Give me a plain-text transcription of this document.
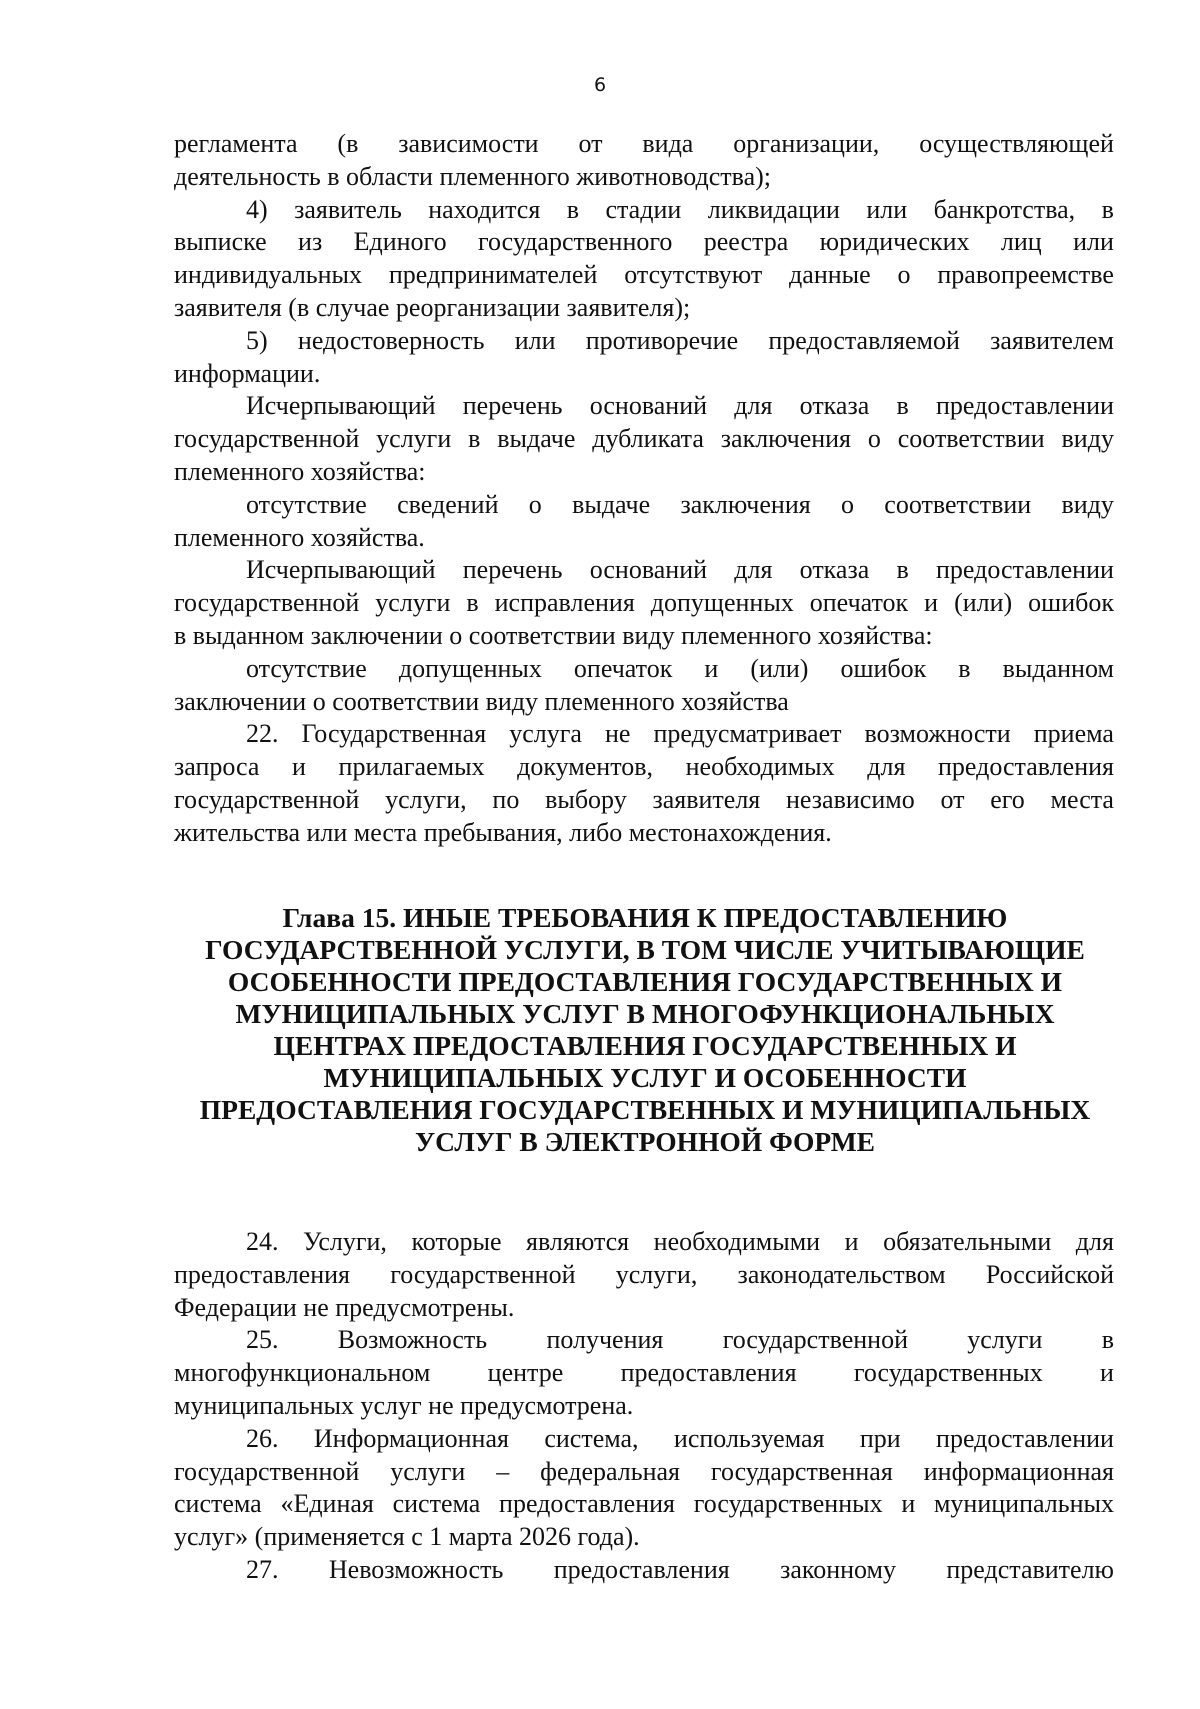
6
регламента (в зависимости от вида организации, осуществляющей
деятельность в области племенного животноводства);
4) заявитель находится в стадии ликвидации или банкротства, в
выписке из Единого государственного реестра юридических лиц или
индивидуальных предпринимателей отсутствуют данные о правопреемстве
заявителя (в случае реорганизации заявителя);
5) недостоверность или противоречие предоставляемой заявителем
информации.
Исчерпывающий перечень оснований для отказа в предоставлении
государственной услуги в выдаче дубликата заключения о соответствии виду
племенного хозяйства:
отсутствие сведений о выдаче заключения о соответствии виду
племенного хозяйства.
Исчерпывающий перечень оснований для отказа в предоставлении
государственной услуги в исправления допущенных опечаток и (или) ошибок
в выданном заключении о соответствии виду племенного хозяйства:
отсутствие допущенных опечаток и (или) ошибок в выданном
заключении о соответствии виду племенного хозяйства
22. Государственная услуга не предусматривает возможности приема
запроса и прилагаемых документов, необходимых для предоставления
государственной услуги, по выбору заявителя независимо от его места
жительства или места пребывания, либо местонахождения.
Глава 15. ИНЫЕ ТРЕБОВАНИЯ К ПРЕДОСТАВЛЕНИЮ
ГОСУДАРСТВЕННОЙ УСЛУГИ, В ТОМ ЧИСЛЕ УЧИТЫВАЮЩИЕ
ОСОБЕННОСТИ ПРЕДОСТАВЛЕНИЯ ГОСУДАРСТВЕННЫХ И
МУНИЦИПАЛЬНЫХ УСЛУГ В МНОГОФУНКЦИОНАЛЬНЫХ
ЦЕНТРАХ ПРЕДОСТАВЛЕНИЯ ГОСУДАРСТВЕННЫХ И
МУНИЦИПАЛЬНЫХ УСЛУГ И ОСОБЕННОСТИ
ПРЕДОСТАВЛЕНИЯ ГОСУДАРСТВЕННЫХ И МУНИЦИПАЛЬНЫХ
УСЛУГ В ЭЛЕКТРОННОЙ ФОРМЕ
24. Услуги, которые являются необходимыми и обязательными для
предоставления государственной услуги, законодательством Российской
Федерации не предусмотрены.
25. Возможность получения государственной услуги в
многофункциональном центре предоставления государственных и
муниципальных услуг не предусмотрена.
26. Информационная система, используемая при предоставлении
государственной услуги – федеральная государственная информационная
система «Единая система предоставления государственных и муниципальных
услуг» (применяется с 1 марта 2026 года).
27. Невозможность предоставления законному представителю
